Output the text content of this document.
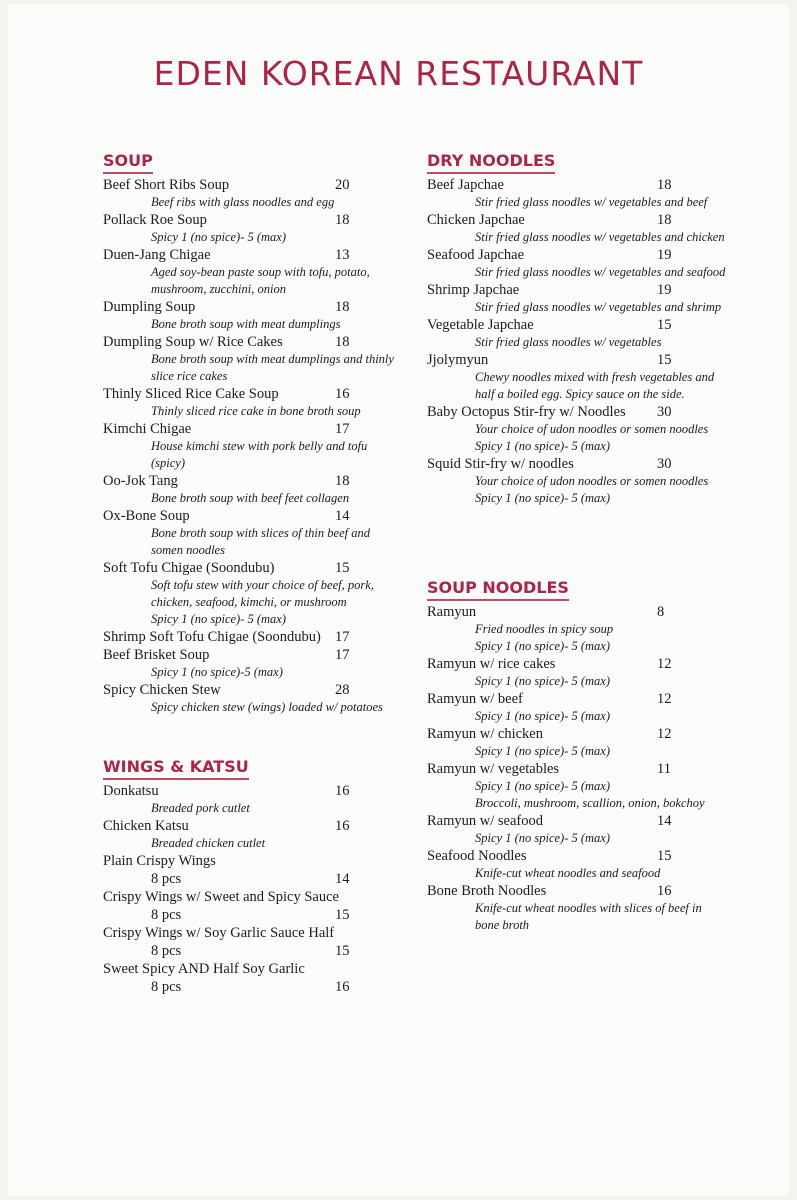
EDEN KOREAN RESTAURANT
SOUP
Beef Short Ribs Soup	20
Beef ribs with glass noodles and egg
Pollack Roe Soup	18
Spicy 1 (no spice)- 5 (max)
Duen-Jang Chigae	13
Aged soy-bean paste soup with tofu, potato, mushroom, zucchini, onion
Dumpling Soup	18
Bone broth soup with meat dumplings
Dumpling Soup w/ Rice Cakes	18
Bone broth soup with meat dumplings and thinly slice rice cakes
Thinly Sliced Rice Cake Soup	16
Thinly sliced rice cake in bone broth soup
Kimchi Chigae	17
House kimchi stew with pork belly and tofu (spicy)
Oo-Jok Tang	18
Bone broth soup with beef feet collagen
Ox-Bone Soup	14
Bone broth soup with slices of thin beef and somen noodles
Soft Tofu Chigae (Soondubu)	15
Soft tofu stew with your choice of beef, pork, chicken, seafood, kimchi, or mushroom
Spicy 1 (no spice)- 5 (max)
Shrimp Soft Tofu Chigae (Soondubu) 17
Beef Brisket Soup	17
Spicy 1 (no spice)-5 (max)
Spicy Chicken Stew	28
Spicy chicken stew (wings) loaded w/ potatoes
WINGS & KATSU
Donkatsu	16
Breaded pork cutlet
Chicken Katsu	16
Breaded chicken cutlet
Plain Crispy Wings
8 pcs	14
Crispy Wings w/ Sweet and Spicy Sauce
8 pcs	15
Crispy Wings w/ Soy Garlic Sauce Half
8 pcs	15
Sweet Spicy AND Half Soy Garlic
8 pcs	16
DRY NOODLES
Beef Japchae	18
Stir fried glass noodles w/ vegetables and beef
Chicken Japchae	18
Stir fried glass noodles w/ vegetables and chicken
Seafood Japchae	19
Stir fried glass noodles w/ vegetables and seafood
Shrimp Japchae	19
Stir fried glass noodles w/ vegetables and shrimp
Vegetable Japchae	15
Stir fried glass noodles w/ vegetables
Jjolymyun	15
Chewy noodles mixed with fresh vegetables and half a boiled egg. Spicy sauce on the side.
Baby Octopus Stir-fry w/ Noodles	30
Your choice of udon noodles or somen noodles
Spicy 1 (no spice)- 5 (max)
Squid Stir-fry w/ noodles	30
Your choice of udon noodles or somen noodles
Spicy 1 (no spice)- 5 (max)
SOUP NOODLES
Ramyun	8
Fried noodles in spicy soup
Spicy 1 (no spice)- 5 (max)
Ramyun w/ rice cakes	12
Spicy 1 (no spice)- 5 (max)
Ramyun w/ beef	12
Spicy 1 (no spice)- 5 (max)
Ramyun w/ chicken	12
Spicy 1 (no spice)- 5 (max)
Ramyun w/ vegetables	11
Spicy 1 (no spice)- 5 (max)
Broccoli, mushroom, scallion, onion, bokchoy
Ramyun w/ seafood	14
Spicy 1 (no spice)- 5 (max)
Seafood Noodles	15
Knife-cut wheat noodles and seafood
Bone Broth Noodles	16
Knife-cut wheat noodles with slices of beef in bone broth
